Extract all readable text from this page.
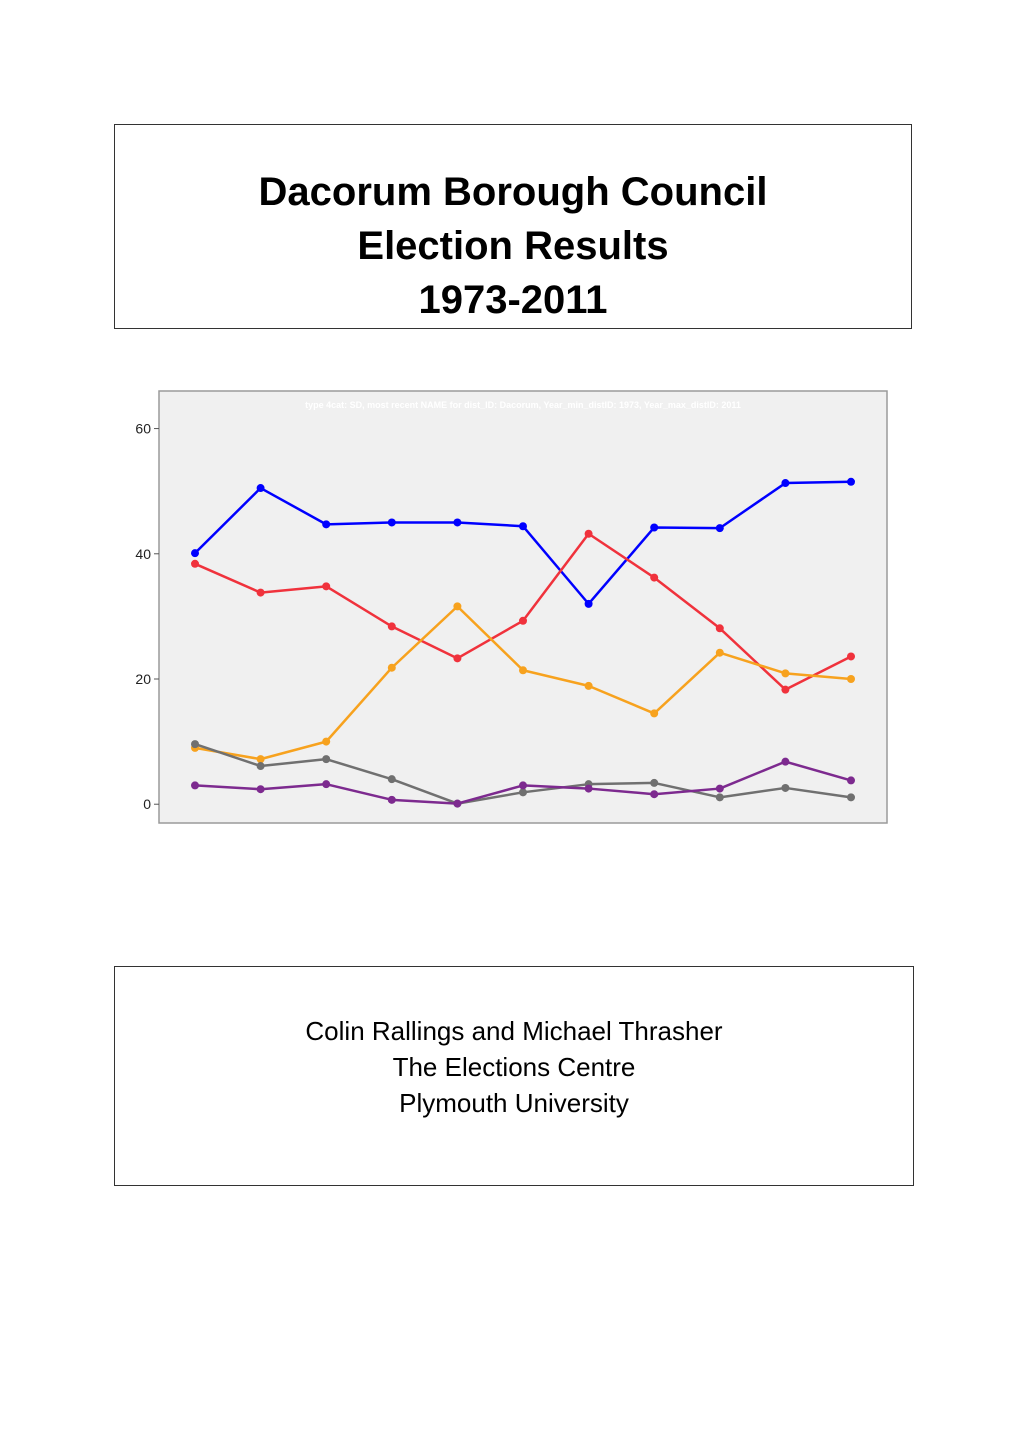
Dacorum Borough Council
Election Results
1973-2011
type 4cat: SD, most recent NAME for dist_ID: Dacorum, Year_min_distID: 1973, Year_max_distID: 2011
0
20
40
60
Colin Rallings and Michael Thrasher
The Elections Centre
Plymouth University
